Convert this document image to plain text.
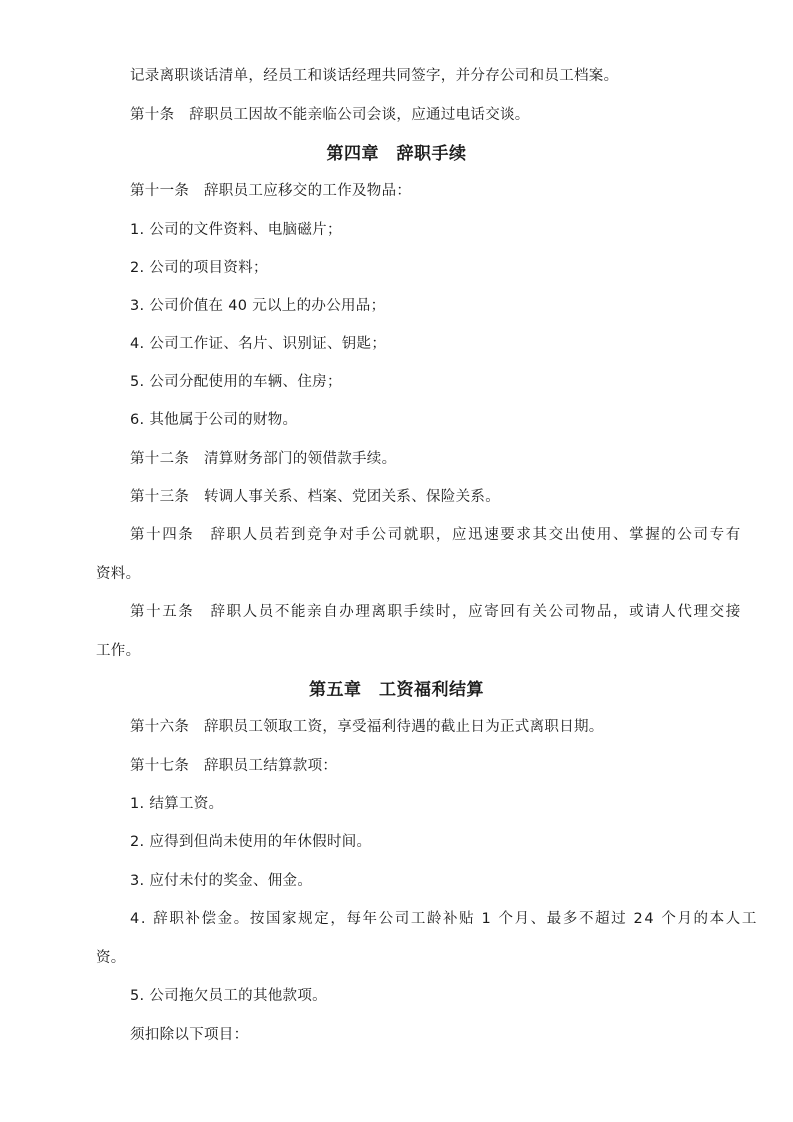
记录离职谈话清单，经员工和谈话经理共同签字，并分存公司和员工档案。
第十条　辞职员工因故不能亲临公司会谈，应通过电话交谈。
第四章　辞职手续
第十一条　辞职员工应移交的工作及物品：
1. 公司的文件资料、电脑磁片；
2. 公司的项目资料；
3. 公司价值在 40 元以上的办公用品；
4. 公司工作证、名片、识别证、钥匙；
5. 公司分配使用的车辆、住房；
6. 其他属于公司的财物。
第十二条　清算财务部门的领借款手续。
第十三条　转调人事关系、档案、党团关系、保险关系。
第十四条　辞职人员若到竞争对手公司就职，应迅速要求其交出使用、掌握的公司专有
资料。
第十五条　辞职人员不能亲自办理离职手续时，应寄回有关公司物品，或请人代理交接
工作。
第五章　工资福利结算
第十六条　辞职员工领取工资，享受福利待遇的截止日为正式离职日期。
第十七条　辞职员工结算款项：
1. 结算工资。
2. 应得到但尚未使用的年休假时间。
3. 应付未付的奖金、佣金。
4. 辞职补偿金。按国家规定，每年公司工龄补贴 1 个月、最多不超过 24 个月的本人工
资。
5. 公司拖欠员工的其他款项。
须扣除以下项目：
